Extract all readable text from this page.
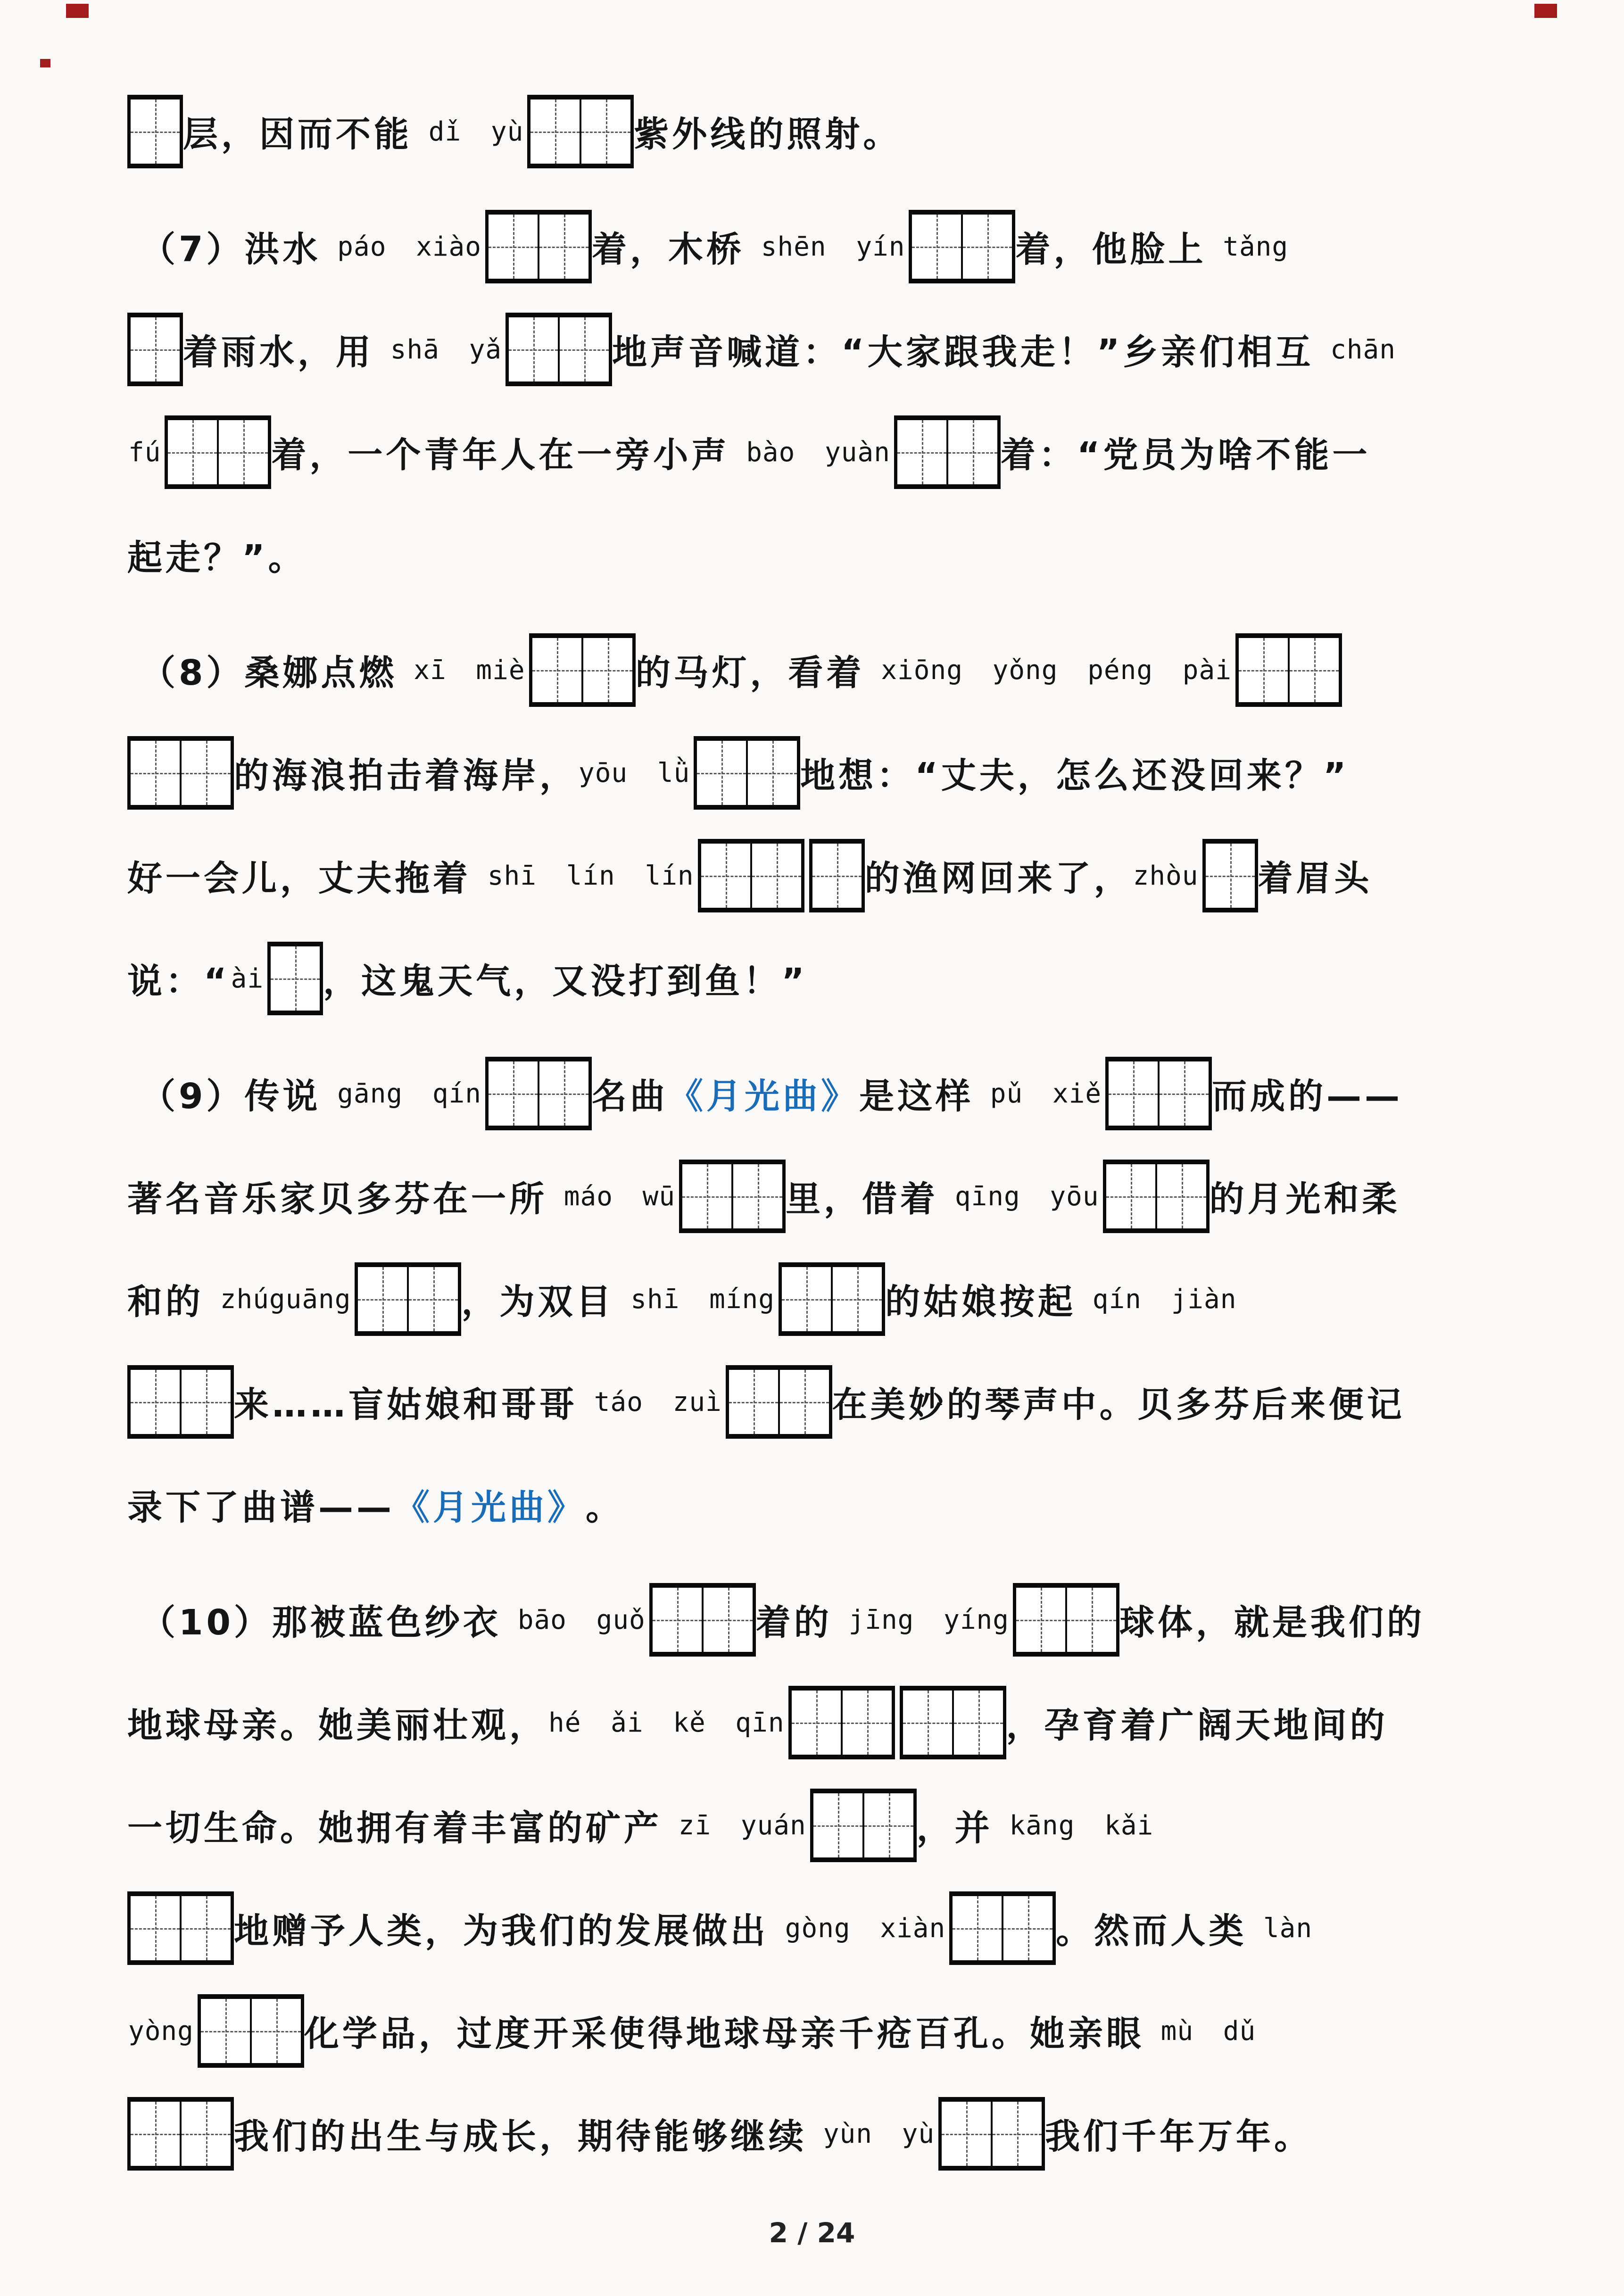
层，因而不能 dǐ yù	紫外线的照射。
（7）洪水 páo xiào	着，木桥 shēn yín	着，他脸上 tǎng
着雨水，用 shā yǎ	地声音喊道：“大家跟我走！”乡亲们相互 chān
fú	着，一个青年人在一旁小声 bào yuàn	着：“党员为啥不能一
起走？”。
（8）桑娜点燃 xī miè	的马灯，看着 xiōng yǒng péng pài
的海浪拍击着海岸， yōu lǜ	地想：“丈夫，怎么还没回来？”
好一会儿，丈夫拖着 shī lín lín	的渔网回来了， zhòu 着眉头
说：“ ài ，这鬼天气，又没打到鱼！”
（9）传说 gāng qín	名曲 《月光曲》 是这样 pǔ xiě	而成的——
著名音乐家贝多芬在一所 máo wū	里，借着 qīng yōu	的月光和柔
和的 zhúguāng	，为双目 shī míng	的姑娘按起 qín jiàn
来……盲姑娘和哥哥 táo zuì	在美妙的琴声中。贝多芬后来便记
录下了曲谱—— 《月光曲》 。
（10）那被蓝色纱衣 bāo guǒ	着的 jīng yíng	球体，就是我们的
地球母亲。她美丽壮观， hé ǎi kě qīn	，孕育着广阔天地间的
一切生命。她拥有着丰富的矿产 zī yuán	，并 kāng kǎi
地赠予人类，为我们的发展做出 gòng xiàn	。然而人类 làn
yòng	化学品，过度开采使得地球母亲千疮百孔。她亲眼 mù dǔ
我们的出生与成长，期待能够继续 yùn yù	我们千年万年。
2 / 24
